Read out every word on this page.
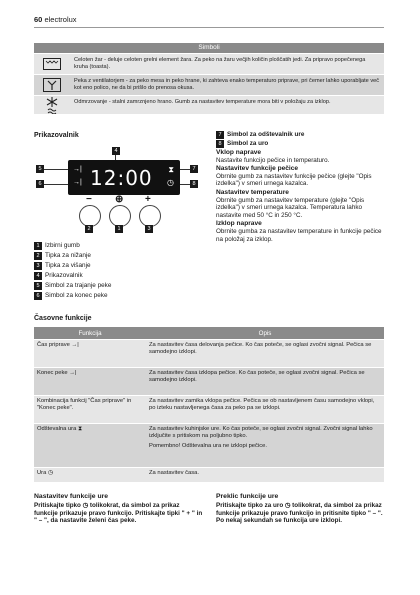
60 electrolux
Simboli
Celoten žar - deluje celoten grelni element žara. Za peko na žaru večjih količin ploščatih jedi. Za pripravo popečenega kruha (toasta).
Peka z ventilatorjem - za peko mesa in peko hrane, ki zahteva enako temperaturo priprave, pri čemer lahko uporabljate več kot eno polico, ne da bi prišlo do prenosa okusa.
Odmrzovanje - stalni zamrznjeno hrano. Gumb za nastavitev temperature mora biti v položaju za izklop.
Prikazovalnik
4
→|
→| 12:00 ⧗
◷
5
6
7
8
− ⊕ +
2	1	3
1 Izbirni gumb
2 Tipka za nižanje
3 Tipka za višanje
4 Prikazovalnik
5 Simbol za trajanje peke
6 Simbol za konec peke
7 Simbol za odštevalnik ure
8 Simbol za uro
Vklop naprave
Nastavite funkcijo pečice in temperaturo.
Nastavitev funkcije pečice
Obrnite gumb za nastavitev funkcije pečice (glejte "Opis izdelka") v smeri urnega kazalca.
Nastavitev temperature
Obrnite gumb za nastavitev temperature (glejte "Opis izdelka") v smeri urnega kazalca. Temperatura lahko nastavite med 50 °C in 250 °C.
Izklop naprave
Obrnite gumba za nastavitev temperature in funkcije pečice na položaj za izklop.
Časovne funkcije
Funkcija	Opis
Čas priprave →|	Za nastavitev časa delovanja pečice. Ko čas poteče, se oglasi zvočni signal. Pečica se samodejno izklopi.
Konec peke →|	Za nastavitev časa izklopa pečice. Ko čas poteče, se oglasi zvočni signal. Pečica se samodejno izklopi.
Kombinacija funkcij "Čas priprave" in "Konec peke".	Za nastavitev zamika vklopa pečice. Pečica se ob nastavljenem času samodejno vklopi, po izteku nastavljenega časa za peko pa se izklopi.
Odštevalna ura ⧗	Za nastavitev kuhinjske ure. Ko čas poteče, se oglasi zvočni signal. Zvočni signal lahko izključite s pritiskom na poljubno tipko.
Pomembno! Odštevalna ura ne izklopi pečice.

Ura ◷	Za nastavitev časa.
Nastavitev funkcije ure
Pritiskajte tipko ◷ tolikokrat, da simbol za prikaz funkcije prikazuje pravo funkcijo. Pritiskajte tipki " + " in " – ", da nastavite želeni čas peke.
Preklic funkcije ure
Pritiskajte tipko za uro ◷ tolikokrat, da simbol za prikaz funkcije prikazuje pravo funkcijo in pritisnite tipko " – ". Po nekaj sekundah se funkcija ure izklopi.
